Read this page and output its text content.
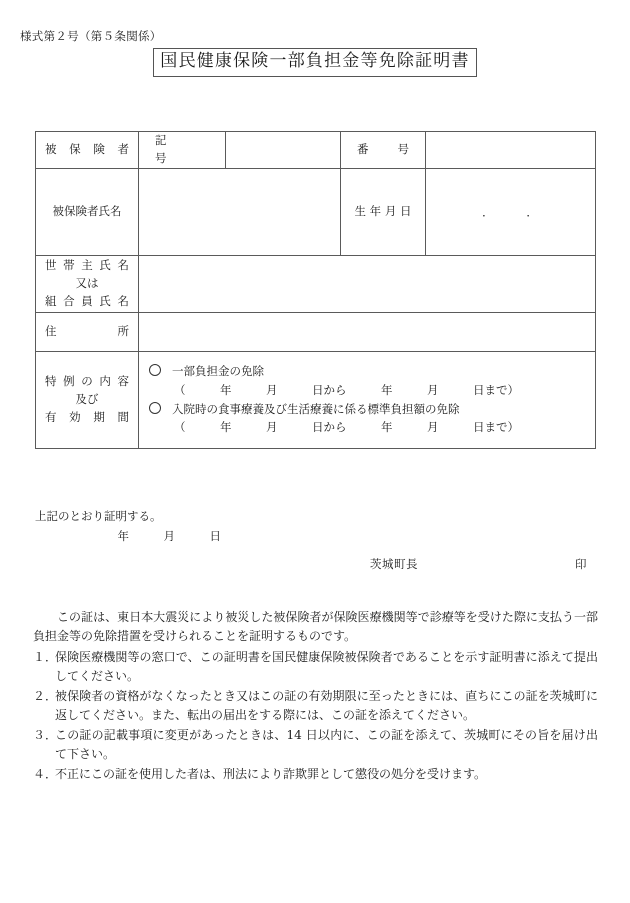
様式第２号（第５条関係）
国民健康保険一部負担金等免除証明書
被保険者	記　　　号		番　　号	

被保険者氏名			生 年 月 日	．　　　．

世 帯 主 氏 名
又は
組 合 員 氏 名				

住　　　　所				

特 例 の 内 容
及び
有 効 期 間

一部負担金の免除
（　　　年　　　月　　　日から　　　年　　　月　　　日まで）
入院時の食事療養及び生活療養に係る標準負担額の免除
（　　　年　　　月　　　日から　　　年　　　月　　　日まで）
上記のとおり証明する。
　　　年　　　月　　　日
茨城町長	印

この証は、東日本大震災により被災した被保険者が保険医療機関等で診療等を受けた際に支払う一部負担金等の免除措置を受けられることを証明するものです。

１．
保険医療機関等の窓口で、この証明書を国民健康保険被保険者であることを示す証明書に添えて提出してください。

２．
被保険者の資格がなくなったとき又はこの証の有効期限に至ったときには、直ちにこの証を茨城町に返してください。また、転出の届出をする際には、この証を添えてください。

３．
この証の記載事項に変更があったときは、14 日以内に、この証を添えて、茨城町にその旨を届け出て下さい。

４．
不正にこの証を使用した者は、刑法により詐欺罪として懲役の処分を受けます。
